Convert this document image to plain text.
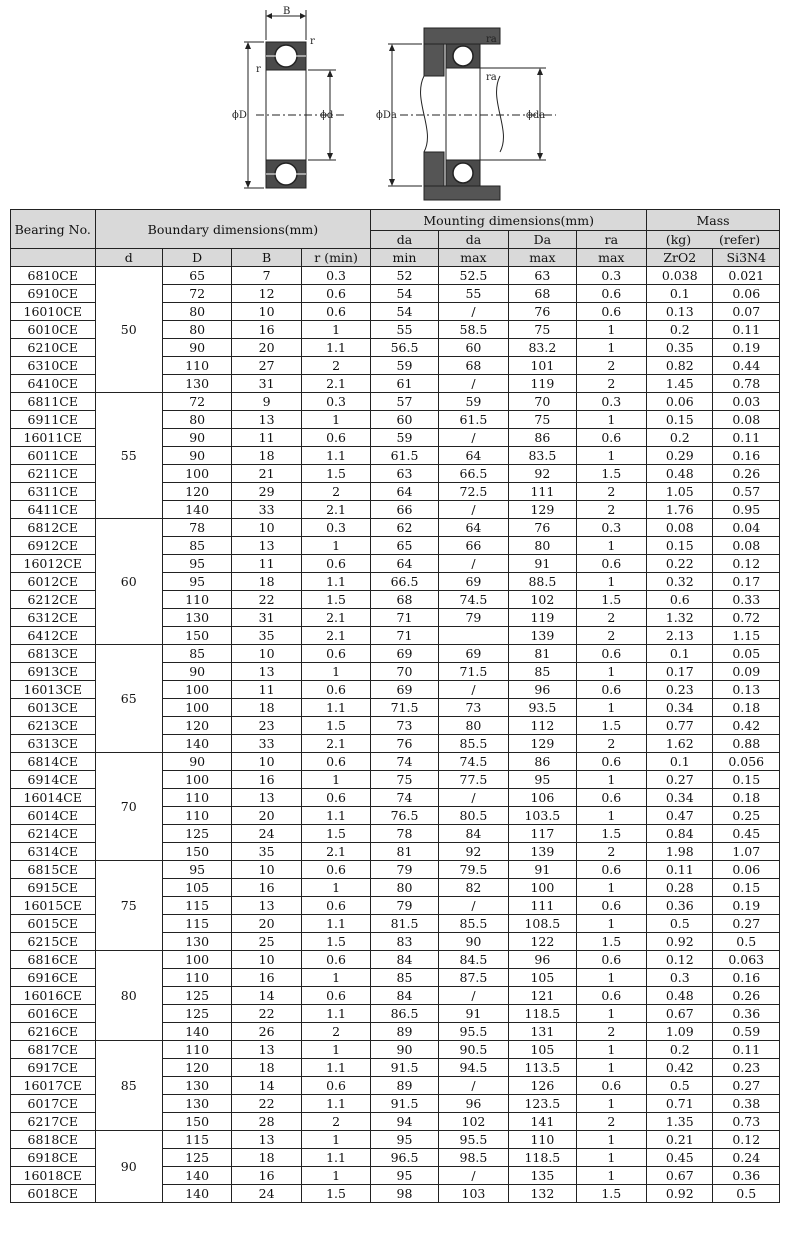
B
r
r
ϕD	ϕd
ra
ra
ϕDa	ϕda
Bearing No.	Boundary dimensions(mm)				Mounting dimensions(mm)				Mass	
					da	da	Da	ra	(kg) (refer)	
	d	D	B	r (min)	min	max	max	max	ZrO2	Si3N4
6810CE	50	65	7	0.3	52	52.5	63	0.3	0.038	0.021
6910CE		72	12	0.6	54	55	68	0.6	0.1	0.06
16010CE		80	10	0.6	54	/	76	0.6	0.13	0.07
6010CE		80	16	1	55	58.5	75	1	0.2	0.11
6210CE		90	20	1.1	56.5	60	83.2	1	0.35	0.19
6310CE		110	27	2	59	68	101	2	0.82	0.44
6410CE		130	31	2.1	61	/	119	2	1.45	0.78
6811CE	55	72	9	0.3	57	59	70	0.3	0.06	0.03
6911CE		80	13	1	60	61.5	75	1	0.15	0.08
16011CE		90	11	0.6	59	/	86	0.6	0.2	0.11
6011CE		90	18	1.1	61.5	64	83.5	1	0.29	0.16
6211CE		100	21	1.5	63	66.5	92	1.5	0.48	0.26
6311CE		120	29	2	64	72.5	111	2	1.05	0.57
6411CE		140	33	2.1	66	/	129	2	1.76	0.95
6812CE	60	78	10	0.3	62	64	76	0.3	0.08	0.04
6912CE		85	13	1	65	66	80	1	0.15	0.08
16012CE		95	11	0.6	64	/	91	0.6	0.22	0.12
6012CE		95	18	1.1	66.5	69	88.5	1	0.32	0.17
6212CE		110	22	1.5	68	74.5	102	1.5	0.6	0.33
6312CE		130	31	2.1	71	79	119	2	1.32	0.72
6412CE		150	35	2.1	71		139	2	2.13	1.15
6813CE	65	85	10	0.6	69	69	81	0.6	0.1	0.05
6913CE		90	13	1	70	71.5	85	1	0.17	0.09
16013CE		100	11	0.6	69	/	96	0.6	0.23	0.13
6013CE		100	18	1.1	71.5	73	93.5	1	0.34	0.18
6213CE		120	23	1.5	73	80	112	1.5	0.77	0.42
6313CE		140	33	2.1	76	85.5	129	2	1.62	0.88
6814CE	70	90	10	0.6	74	74.5	86	0.6	0.1	0.056
6914CE		100	16	1	75	77.5	95	1	0.27	0.15
16014CE		110	13	0.6	74	/	106	0.6	0.34	0.18
6014CE		110	20	1.1	76.5	80.5	103.5	1	0.47	0.25
6214CE		125	24	1.5	78	84	117	1.5	0.84	0.45
6314CE		150	35	2.1	81	92	139	2	1.98	1.07
6815CE	75	95	10	0.6	79	79.5	91	0.6	0.11	0.06
6915CE		105	16	1	80	82	100	1	0.28	0.15
16015CE		115	13	0.6	79	/	111	0.6	0.36	0.19
6015CE		115	20	1.1	81.5	85.5	108.5	1	0.5	0.27
6215CE		130	25	1.5	83	90	122	1.5	0.92	0.5
6816CE	80	100	10	0.6	84	84.5	96	0.6	0.12	0.063
6916CE		110	16	1	85	87.5	105	1	0.3	0.16
16016CE		125	14	0.6	84	/	121	0.6	0.48	0.26
6016CE		125	22	1.1	86.5	91	118.5	1	0.67	0.36
6216CE		140	26	2	89	95.5	131	2	1.09	0.59
6817CE	85	110	13	1	90	90.5	105	1	0.2	0.11
6917CE		120	18	1.1	91.5	94.5	113.5	1	0.42	0.23
16017CE		130	14	0.6	89	/	126	0.6	0.5	0.27
6017CE		130	22	1.1	91.5	96	123.5	1	0.71	0.38
6217CE		150	28	2	94	102	141	2	1.35	0.73
6818CE	90	115	13	1	95	95.5	110	1	0.21	0.12
6918CE		125	18	1.1	96.5	98.5	118.5	1	0.45	0.24
16018CE		140	16	1	95	/	135	1	0.67	0.36
6018CE		140	24	1.5	98	103	132	1.5	0.92	0.5
